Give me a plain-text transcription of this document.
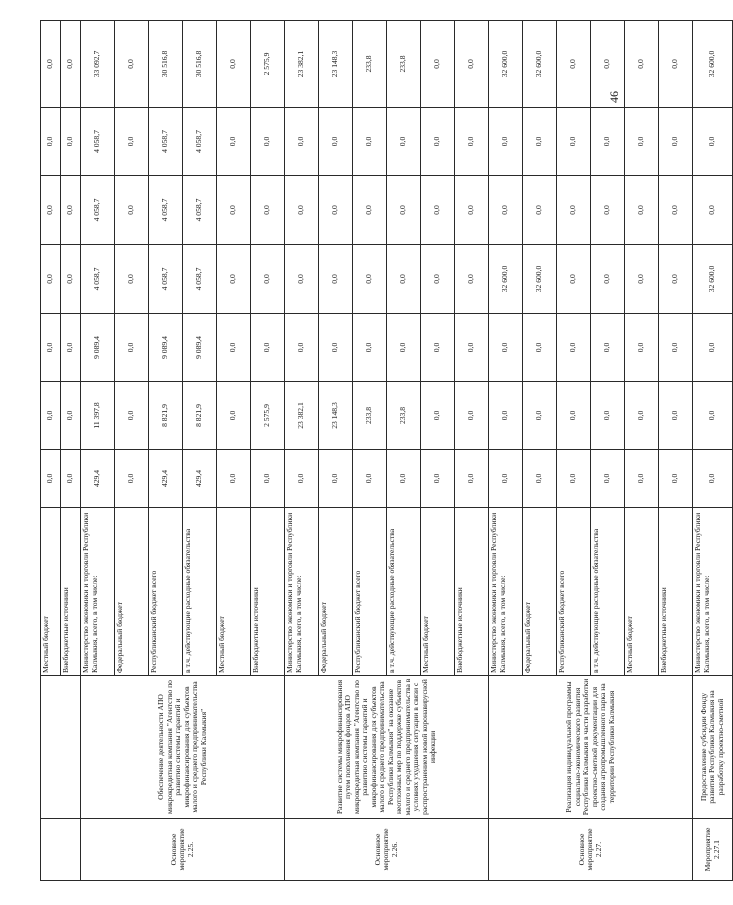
		Местный бюджет	0,0	0,0	0,0	0,0	0,0	0,0	0,0
		Внебюджетные источники	0,0	0,0	0,0	0,0	0,0	0,0	0,0
Основное мероприятие 2.25.	Обеспечение деятельности АПО микрокредитная компания "Агентство по развитию системы гарантий и микрофинансирования для субъектов малого и среднего предпринимательства Республики Калмыкия"	Министерство экономики и торговли Республики Калмыкия, всего, в том числе:	429,4	11 397,8	9 089,4	4 058,7	4 058,7	4 058,7	33 092,7
		Федеральный бюджет	0,0	0,0	0,0	0,0	0,0	0,0	0,0
		Республиканский бюджет всего	429,4	8 821,9	9 089,4	4 058,7	4 058,7	4 058,7	30 516,8
		в т.ч. действующие расходные обязательства	429,4	8 821,9	9 089,4	4 058,7	4 058,7	4 058,7	30 516,8
		Местный бюджет	0,0	0,0	0,0	0,0	0,0	0,0	0,0
		Внебюджетные источники	0,0	2 575,9	0,0	0,0	0,0	0,0	2 575,9
Основное мероприятие 2.26.	Развитие системы микрофинансирования путем пополнения фондов АПО микрокредитная компания "Агентство по развитию системы гарантий и микрофинансирования для субъектов малого и среднего предпринимательства Республики Калмыкия" на оказание неотложных мер по поддержке субъектов малого и среднего предпринимательства в условиях ухудшения ситуации в связи с распространением новой коронавирусной инфекции	Министерство экономики и торговли Республики Калмыкия, всего, в том числе:	0,0	23 382,1	0,0	0,0	0,0	0,0	23 382,1
		Федеральный бюджет	0,0	23 148,3	0,0	0,0	0,0	0,0	23 148,3
		Республиканский бюджет всего	0,0	233,8	0,0	0,0	0,0	0,0	233,8
		в т.ч. действующие расходные обязательства	0,0	233,8	0,0	0,0	0,0	0,0	233,8
		Местный бюджет	0,0	0,0	0,0	0,0	0,0	0,0	0,0
		Внебюджетные источники	0,0	0,0	0,0	0,0	0,0	0,0	0,0
Основное мероприятие 2.27.	Реализация индивидуальной программы социально-экономического развития Республики Калмыкия в части разработки проектно-сметной документации для создания агропромышленного парка на территории Республики Калмыкия	Министерство экономики и торговли Республики Калмыкия, всего, в том числе:	0,0	0,0	0,0	32 600,0	0,0	0,0	32 600,0
		Федеральный бюджет	0,0	0,0	0,0	32 600,0	0,0	0,0	32 600,0
		Республиканский бюджет всего	0,0	0,0	0,0	0,0	0,0	0,0	0,0
		в т.ч. действующие расходные обязательства	0,0	0,0	0,0	0,0	0,0	0,0	0,0
		Местный бюджет	0,0	0,0	0,0	0,0	0,0	0,0	0,0
		Внебюджетные источники	0,0	0,0	0,0	0,0	0,0	0,0	0,0
Мероприятие 2.27.1	Предоставление субсидии Фонду развития Республики Калмыкия на разработку проектно-сметной	Министерство экономики и торговли Республики Калмыкия, всего, в том числе:	0,0	0,0	0,0	32 600,0	0,0	0,0	32 600,0
46
